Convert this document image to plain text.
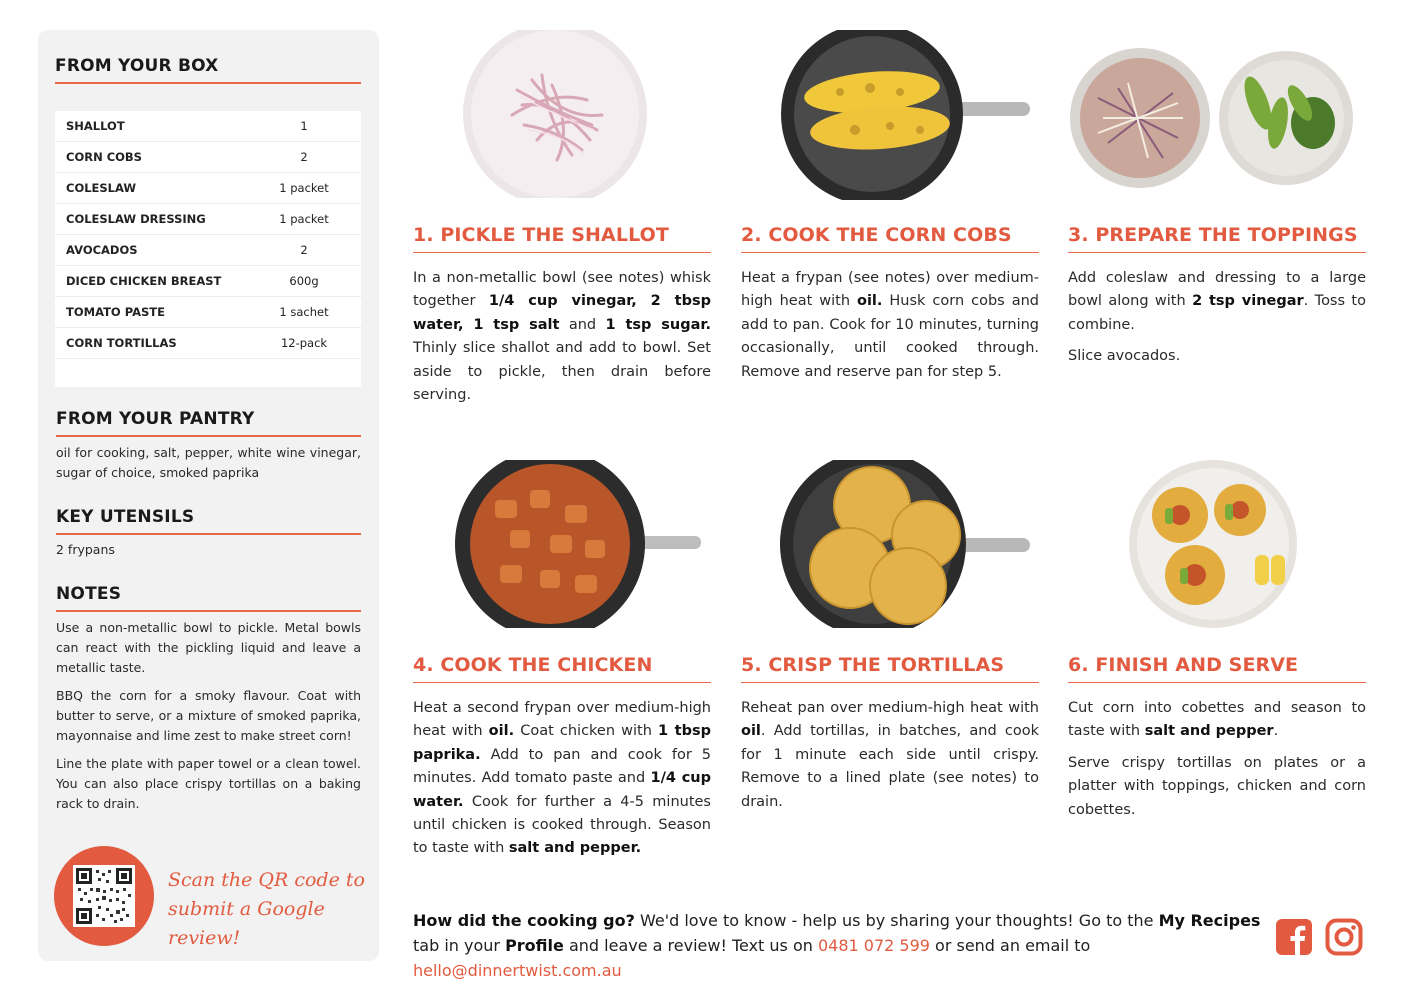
FROM YOUR BOX
SHALLOT	1
CORN COBS	2
COLESLAW	1 packet
COLESLAW DRESSING	1 packet
AVOCADOS	2
DICED CHICKEN BREAST	600g
TOMATO PASTE	1 sachet
CORN TORTILLAS	12-pack
FROM YOUR PANTRY
oil for cooking, salt, pepper, white wine vinegar, sugar of choice, smoked paprika
KEY UTENSILS
2 frypans
NOTES

Use a non-metallic bowl to pickle. Metal bowls can react with the pickling liquid and leave a metallic taste.

BBQ the corn for a smoky flavour. Coat with butter to serve, or a mixture of smoked paprika, mayonnaise and lime zest to make street corn!

Line the plate with paper towel or a clean towel. You can also place crispy tortillas on a baking rack to drain.

Scan the QR code to
submit a Google review!
1. PICKLE THE SHALLOT

In a non-metallic bowl (see notes) whisk together 1/4 cup vinegar, 2 tbsp water, 1 tsp salt and 1 tsp sugar. Thinly slice shallot and add to bowl. Set aside to pickle, then drain before serving.

2. COOK THE CORN COBS

Heat a frypan (see notes) over medium-high heat with oil. Husk corn cobs and add to pan. Cook for 10 minutes, turning occasionally, until cooked through. Remove and reserve pan for step 5.

3. PREPARE THE TOPPINGS

Add coleslaw and dressing to a large bowl along with 2 tsp vinegar. Toss to combine.

Slice avocados.

4. COOK THE CHICKEN

Heat a second frypan over medium-high heat with oil. Coat chicken with 1 tbsp paprika. Add to pan and cook for 5 minutes. Add tomato paste and 1/4 cup water. Cook for further a 4-5 minutes until chicken is cooked through. Season to taste with salt and pepper.

5. CRISP THE TORTILLAS

Reheat pan over medium-high heat with oil. Add tortillas, in batches, and cook for 1 minute each side until crispy. Remove to a lined plate (see notes) to drain.

6. FINISH AND SERVE

Cut corn into cobettes and season to taste with salt and pepper.

Serve crispy tortillas on plates or a platter with toppings, chicken and corn cobettes.

How did the cooking go? We'd love to know - help us by sharing your thoughts! Go to the My Recipes tab in your Profile and leave a review! Text us on 0481 072 599 or send an email to hello@dinnertwist.com.au
